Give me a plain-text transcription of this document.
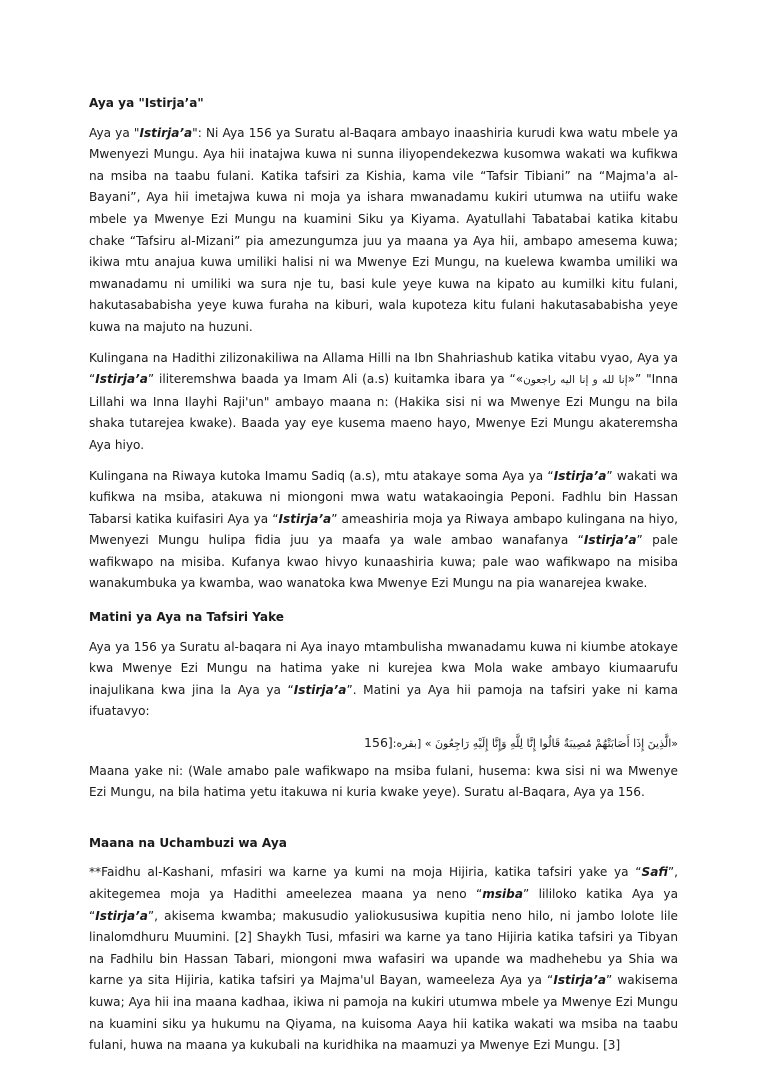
Aya ya "Istirja’a"

Aya ya "Istirja’a": Ni Aya 156 ya Suratu al-Baqara ambayo inaashiria kurudi kwa watu mbele ya Mwenyezi Mungu. Aya hii inatajwa kuwa ni sunna iliyopendekezwa kusomwa wakati wa kufikwa na msiba na taabu fulani. Katika tafsiri za Kishia, kama vile “Tafsir Tibiani” na “Majma'a al-Bayani”, Aya hii imetajwa kuwa ni moja ya ishara mwanadamu kukiri utumwa na utiifu wake mbele ya Mwenye Ezi Mungu na kuamini Siku ya Kiyama. Ayatullahi Tabatabai katika kitabu chake “Tafsiru al-Mizani” pia amezungumza juu ya maana ya Aya hii, ambapo amesema kuwa; ikiwa mtu anajua kuwa umiliki halisi ni wa Mwenye Ezi Mungu, na kuelewa kwamba umiliki wa mwanadamu ni umiliki wa sura nje tu, basi kule yeye kuwa na kipato au kumilki kitu fulani, hakutasababisha yeye kuwa furaha na kiburi, wala kupoteza kitu fulani hakutasababisha yeye kuwa na majuto na huzuni.

Kulingana na Hadithi zilizonakiliwa na Allama Hilli na Ibn Shahriashub katika vitabu vyao, Aya ya “Istirja’a” iliteremshwa baada ya Imam Ali (a.s) kuitamka ibara ya “«إنا لله و إنا اليه راجعون»” "Inna Lillahi wa Inna Ilayhi Raji'un" ambayo maana n: (Hakika sisi ni wa Mwenye Ezi Mungu na bila shaka tutarejea kwake). Baada yay eye kusema maeno hayo, Mwenye Ezi Mungu akateremsha Aya hiyo.

Kulingana na Riwaya kutoka Imamu Sadiq (a.s), mtu atakaye soma Aya ya “Istirja’a” wakati wa kufikwa na msiba, atakuwa ni miongoni mwa watu watakaoingia Peponi. Fadhlu bin Hassan Tabarsi katika kuifasiri Aya ya “Istirja’a” ameashiria moja ya Riwaya ambapo kulingana na hiyo, Mwenyezi Mungu hulipa fidia juu ya maafa ya wale ambao wanafanya “Istirja’a” pale wafikwapo na misiba. Kufanya kwao hivyo kunaashiria kuwa; pale wao wafikwapo na misiba wanakumbuka ya kwamba, wao wanatoka kwa Mwenye Ezi Mungu na pia wanarejea kwake.

Matini ya Aya na Tafsiri Yake

Aya ya 156 ya Suratu al-baqara ni Aya inayo mtambulisha mwanadamu kuwa ni kiumbe atokaye kwa Mwenye Ezi Mungu na hatima yake ni kurejea kwa Mola wake ambayo kiumaarufu inajulikana kwa jina la Aya ya “Istirja’a”. Matini ya Aya hii pamoja na tafsiri yake ni kama ifuatavyo:

«الَّذِينَ إِذَا أَصَابَتْهُمْ مُصِيبَةٌ قَالُوا إِنَّا لِلَّهِ وَإِنَّا إِلَيْهِ رَاجِعُونَ » [بقره:156]

Maana yake ni: (Wale amabo pale wafikwapo na msiba fulani, husema: kwa sisi ni wa Mwenye Ezi Mungu, na bila hatima yetu itakuwa ni kuria kwake yeye). Suratu al-Baqara, Aya ya 156.

Maana na Uchambuzi wa Aya

**Faidhu al-Kashani, mfasiri wa karne ya kumi na moja Hijiria, katika tafsiri yake ya “Safi”, akitegemea moja ya Hadithi ameelezea maana ya neno “msiba” lililoko katika Aya ya “Istirja’a”, akisema kwamba; makusudio yaliokususiwa kupitia neno hilo, ni jambo lolote lile linalomdhuru Muumini. [2] Shaykh Tusi, mfasiri wa karne ya tano Hijiria katika tafsiri ya Tibyan na Fadhilu bin Hassan Tabari, miongoni mwa wafasiri wa upande wa madhehebu ya Shia wa karne ya sita Hijiria, katika tafsiri ya Majma'ul Bayan, wameeleza Aya ya “Istirja’a” wakisema kuwa; Aya hii ina maana kadhaa, ikiwa ni pamoja na kukiri utumwa mbele ya Mwenye Ezi Mungu na kuamini siku ya hukumu na Qiyama, na kuisoma Aaya hii katika wakati wa msiba na taabu fulani, huwa na maana ya kukubali na kuridhika na maamuzi ya Mwenye Ezi Mungu. [3]
